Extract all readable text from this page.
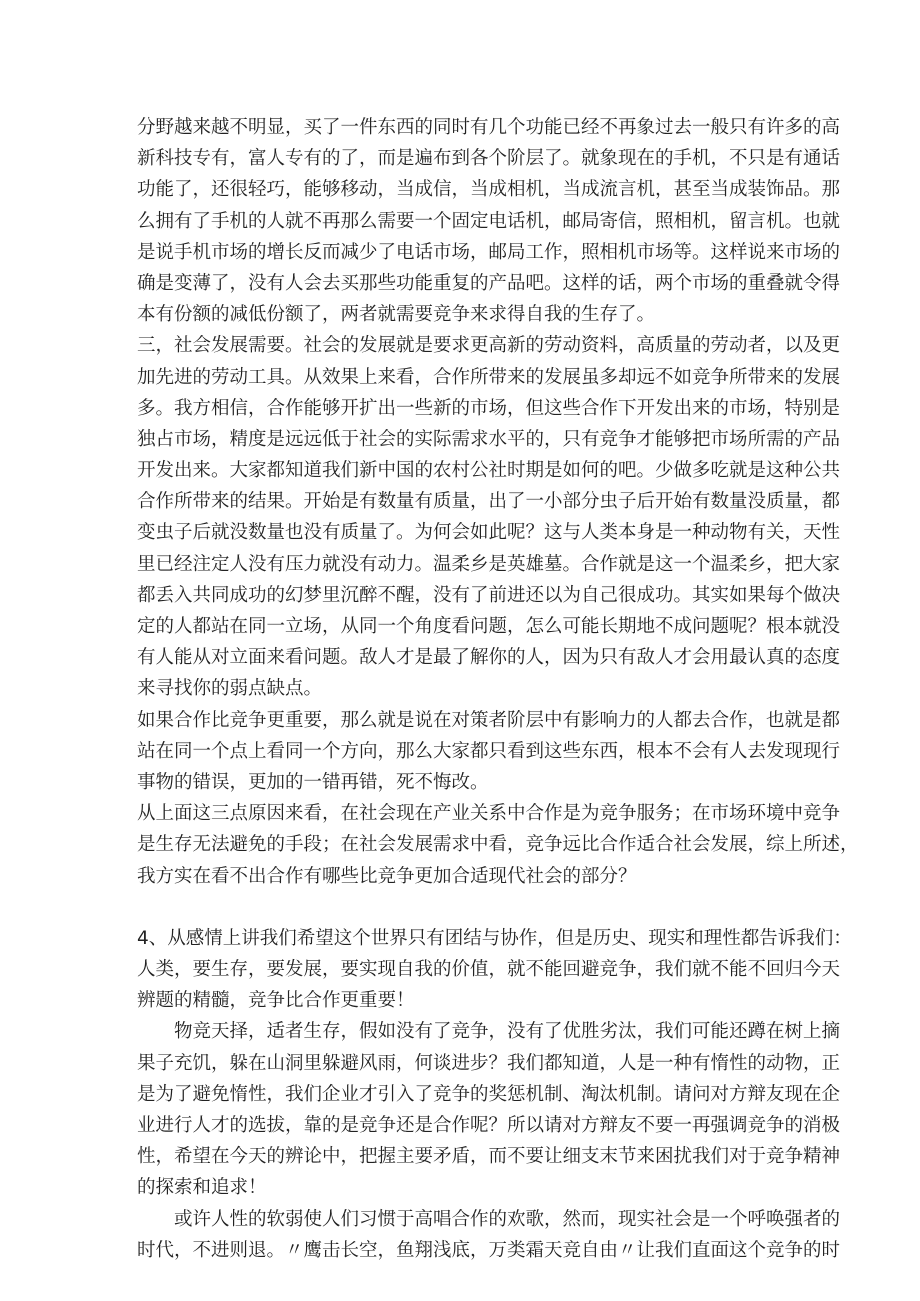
分野越来越不明显，买了一件东西的同时有几个功能已经不再象过去一般只有许多的高
新科技专有，富人专有的了，而是遍布到各个阶层了。就象现在的手机，不只是有通话
功能了，还很轻巧，能够移动，当成信，当成相机，当成流言机，甚至当成装饰品。那
么拥有了手机的人就不再那么需要一个固定电话机，邮局寄信，照相机，留言机。也就
是说手机市场的增长反而减少了电话市场，邮局工作，照相机市场等。这样说来市场的
确是变薄了，没有人会去买那些功能重复的产品吧。这样的话，两个市场的重叠就令得
本有份额的减低份额了，两者就需要竞争来求得自我的生存了。
三，社会发展需要。社会的发展就是要求更高新的劳动资料，高质量的劳动者，以及更
加先进的劳动工具。从效果上来看，合作所带来的发展虽多却远不如竞争所带来的发展
多。我方相信，合作能够开扩出一些新的市场，但这些合作下开发出来的市场，特别是
独占市场，精度是远远低于社会的实际需求水平的，只有竞争才能够把市场所需的产品
开发出来。大家都知道我们新中国的农村公社时期是如何的吧。少做多吃就是这种公共
合作所带来的结果。开始是有数量有质量，出了一小部分虫子后开始有数量没质量，都
变虫子后就没数量也没有质量了。为何会如此呢？这与人类本身是一种动物有关，天性
里已经注定人没有压力就没有动力。温柔乡是英雄墓。合作就是这一个温柔乡，把大家
都丢入共同成功的幻梦里沉醉不醒，没有了前进还以为自己很成功。其实如果每个做决
定的人都站在同一立场，从同一个角度看问题，怎么可能长期地不成问题呢？根本就没
有人能从对立面来看问题。敌人才是最了解你的人，因为只有敌人才会用最认真的态度
来寻找你的弱点缺点。
如果合作比竞争更重要，那么就是说在对策者阶层中有影响力的人都去合作，也就是都
站在同一个点上看同一个方向，那么大家都只看到这些东西，根本不会有人去发现现行
事物的错误，更加的一错再错，死不悔改。
从上面这三点原因来看，在社会现在产业关系中合作是为竞争服务；在市场环境中竞争
是生存无法避免的手段；在社会发展需求中看，竞争远比合作适合社会发展，综上所述，
我方实在看不出合作有哪些比竞争更加合适现代社会的部分？
4、从感情上讲我们希望这个世界只有团结与协作，但是历史、现实和理性都告诉我们：
人类，要生存，要发展，要实现自我的价值，就不能回避竞争，我们就不能不回归今天
辨题的精髓，竞争比合作更重要！
　　物竞天择，适者生存，假如没有了竞争，没有了优胜劣汰，我们可能还蹲在树上摘
果子充饥，躲在山洞里躲避风雨，何谈进步？我们都知道，人是一种有惰性的动物，正
是为了避免惰性，我们企业才引入了竞争的奖惩机制、淘汰机制。请问对方辩友现在企
业进行人才的选拔，靠的是竞争还是合作呢？所以请对方辩友不要一再强调竞争的消极
性，希望在今天的辨论中，把握主要矛盾，而不要让细支末节来困扰我们对于竞争精神
的探索和追求！
　　或许人性的软弱使人们习惯于高唱合作的欢歌，然而，现实社会是一个呼唤强者的
时代，不进则退。〃鹰击长空，鱼翔浅底，万类霜天竞自由〃让我们直面这个竞争的时
